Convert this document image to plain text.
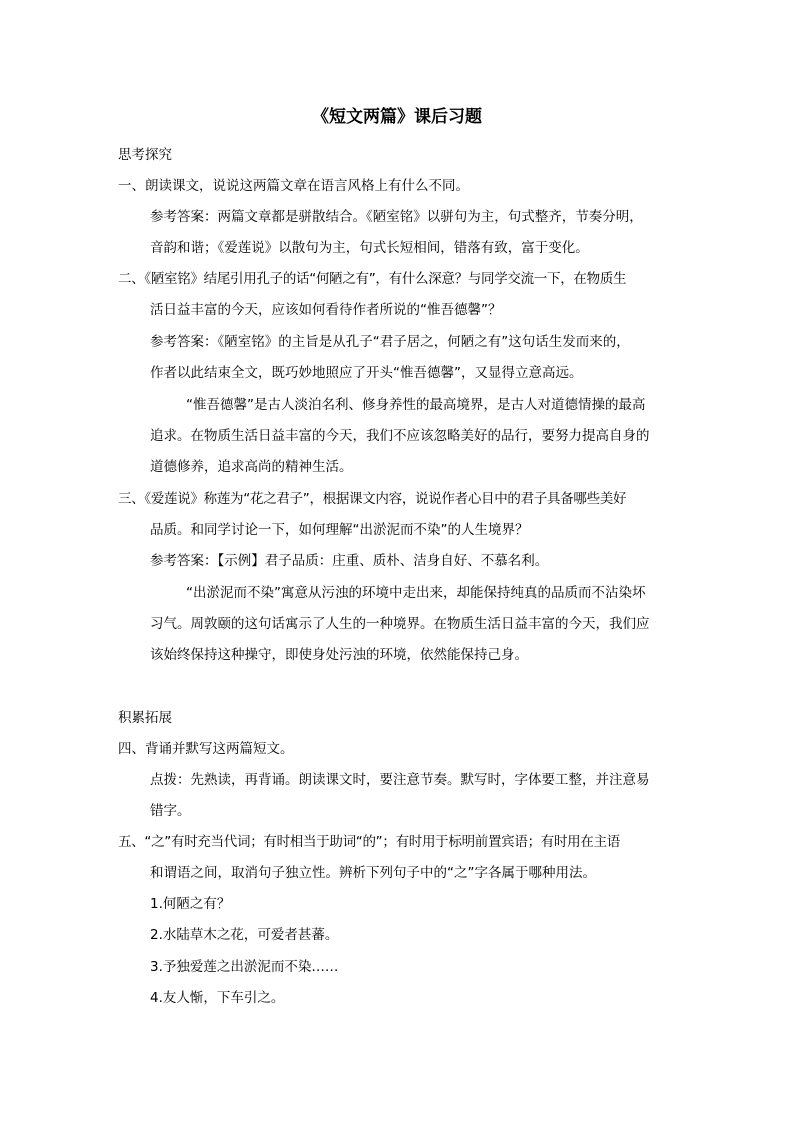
《短文两篇》课后习题
思考探究
一、朗读课文，说说这两篇文章在语言风格上有什么不同。
参考答案：两篇文章都是骈散结合。《陋室铭》以骈句为主，句式整齐，节奏分明，
音韵和谐；《爱莲说》以散句为主，句式长短相间，错落有致，富于变化。
二、《陋室铭》结尾引用孔子的话“何陋之有”，有什么深意？与同学交流一下，在物质生
活日益丰富的今天，应该如何看待作者所说的“惟吾德馨”？
参考答案：《陋室铭》的主旨是从孔子“君子居之，何陋之有”这句话生发而来的，
作者以此结束全文，既巧妙地照应了开头“惟吾德馨”，又显得立意高远。
“惟吾德馨”是古人淡泊名利、修身养性的最高境界，是古人对道德情操的最高
追求。在物质生活日益丰富的今天，我们不应该忽略美好的品行，要努力提高自身的
道德修养，追求高尚的精神生活。
三、《爱莲说》称莲为“花之君子”，根据课文内容，说说作者心目中的君子具备哪些美好
品质。和同学讨论一下，如何理解“出淤泥而不染”的人生境界？
参考答案：【示例】君子品质：庄重、质朴、洁身自好、不慕名利。
“出淤泥而不染”寓意从污浊的环境中走出来，却能保持纯真的品质而不沾染坏
习气。周敦颐的这句话寓示了人生的一种境界。在物质生活日益丰富的今天，我们应
该始终保持这种操守，即使身处污浊的环境，依然能保持己身。
积累拓展
四、背诵并默写这两篇短文。
点拨：先熟读，再背诵。朗读课文时，要注意节奏。默写时，字体要工整，并注意易
错字。
五、“之”有时充当代词；有时相当于助词“的”；有时用于标明前置宾语；有时用在主语
和谓语之间，取消句子独立性。辨析下列句子中的“之”字各属于哪种用法。
1.何陋之有？
2.水陆草木之花，可爱者甚蕃。
3.予独爱莲之出淤泥而不染……
4.友人惭，下车引之。
